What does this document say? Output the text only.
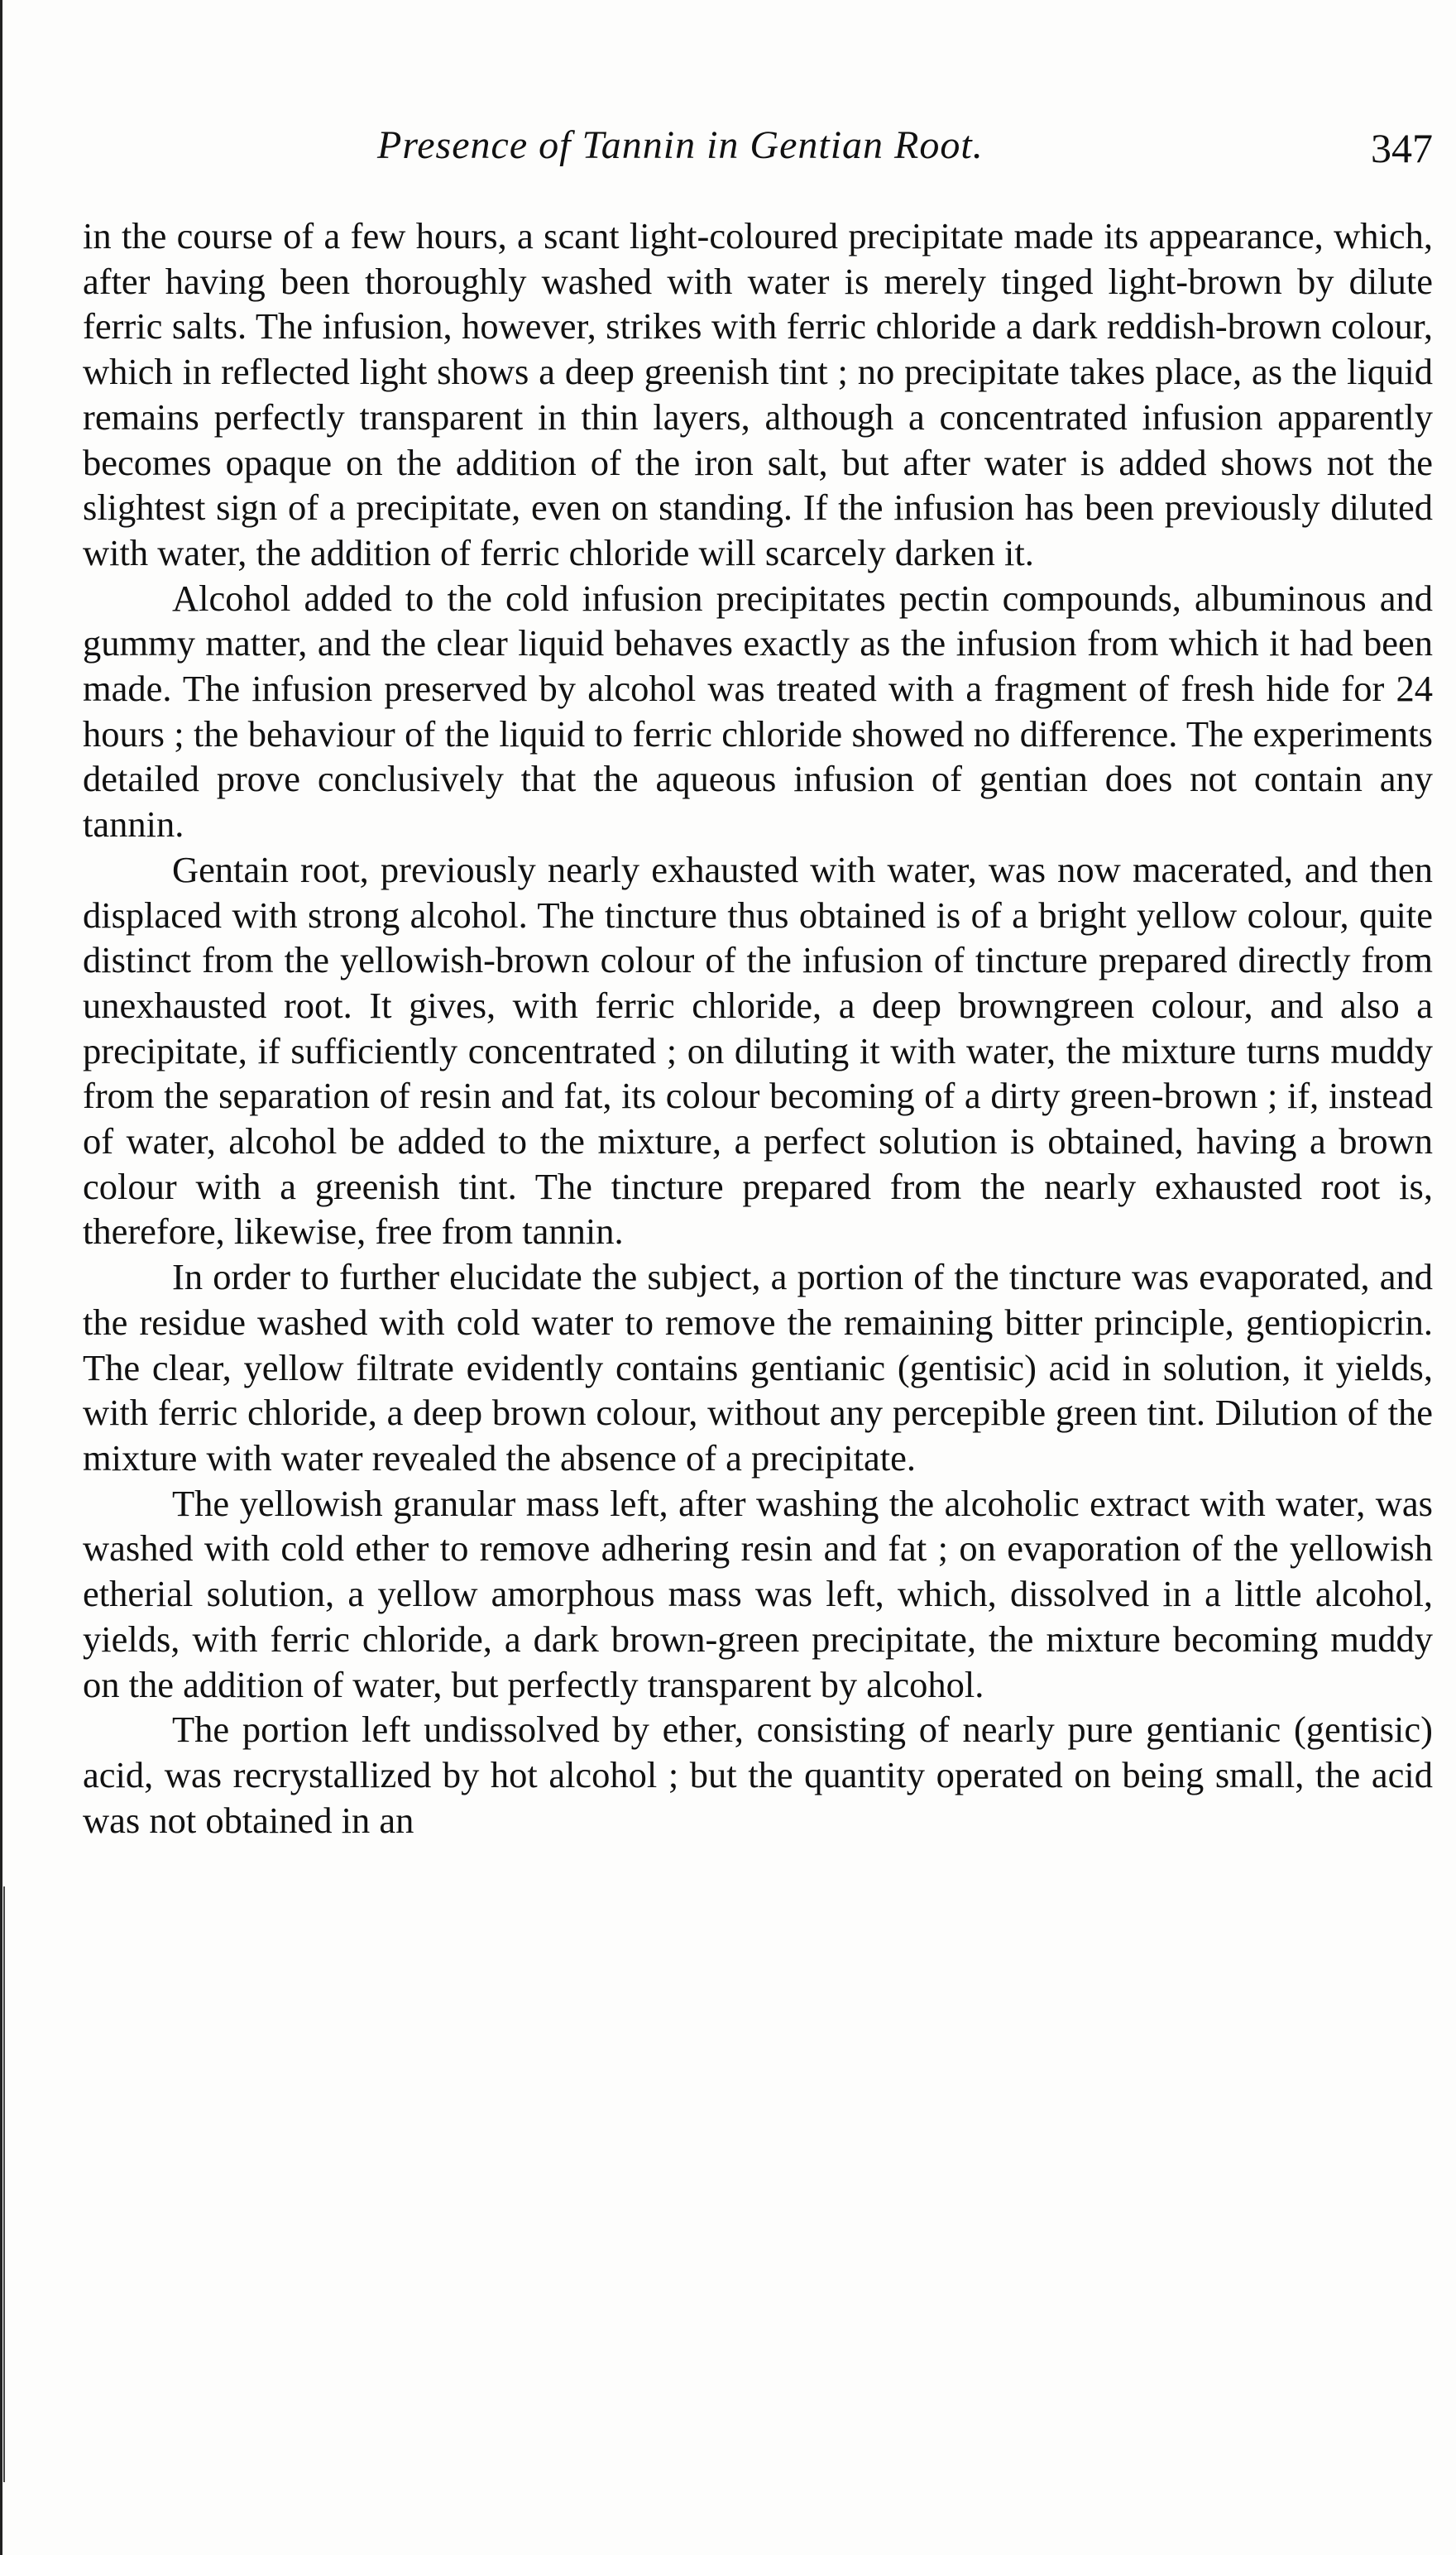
Presence of Tannin in Gentian Root.	347

in the course of a few hours, a scant light-coloured precipitate made its appearance, which, after having been thoroughly washed with water is merely tinged light-brown by dilute ferric salts. The infusion, however, strikes with ferric chloride a dark reddish-brown colour, which in reflected light shows a deep greenish tint ; no precipitate takes place, as the liquid remains perfectly transparent in thin layers, although a concentrated infusion apparently becomes opaque on the addition of the iron salt, but after water is added shows not the slightest sign of a precipitate, even on standing. If the infusion has been previously diluted with water, the addition of ferric chloride will scarcely darken it.

Alcohol added to the cold infusion precipitates pectin compounds, albuminous and gummy matter, and the clear liquid behaves exactly as the infusion from which it had been made. The infusion preserved by alcohol was treated with a fragment of fresh hide for 24 hours ; the behaviour of the liquid to ferric chloride showed no difference. The experiments detailed prove conclusively that the aqueous infusion of gentian does not contain any tannin.

Gentain root, previously nearly exhausted with water, was now macerated, and then displaced with strong alcohol. The tincture thus obtained is of a bright yellow colour, quite distinct from the yellowish-brown colour of the infusion of tincture prepared directly from unexhausted root. It gives, with ferric chloride, a deep browngreen colour, and also a precipitate, if sufficiently concentrated ; on diluting it with water, the mixture turns muddy from the separation of resin and fat, its colour becoming of a dirty green-brown ; if, instead of water, alcohol be added to the mixture, a perfect solution is obtained, having a brown colour with a greenish tint. The tincture prepared from the nearly exhausted root is, therefore, likewise, free from tannin.

In order to further elucidate the subject, a portion of the tincture was evaporated, and the residue washed with cold water to remove the remaining bitter principle, gentiopicrin. The clear, yellow filtrate evidently contains gentianic (gentisic) acid in solution, it yields, with ferric chloride, a deep brown colour, without any percepible green tint. Dilution of the mixture with water revealed the absence of a precipitate.

The yellowish granular mass left, after washing the alcoholic extract with water, was washed with cold ether to remove adhering resin and fat ; on evaporation of the yellowish etherial solution, a yellow amorphous mass was left, which, dissolved in a little alcohol, yields, with ferric chloride, a dark brown-green precipitate, the mixture becoming muddy on the addition of water, but perfectly transparent by alcohol.

The portion left undissolved by ether, consisting of nearly pure gentianic (gentisic) acid, was recrystallized by hot alcohol ; but the quantity operated on being small, the acid was not obtained in an
